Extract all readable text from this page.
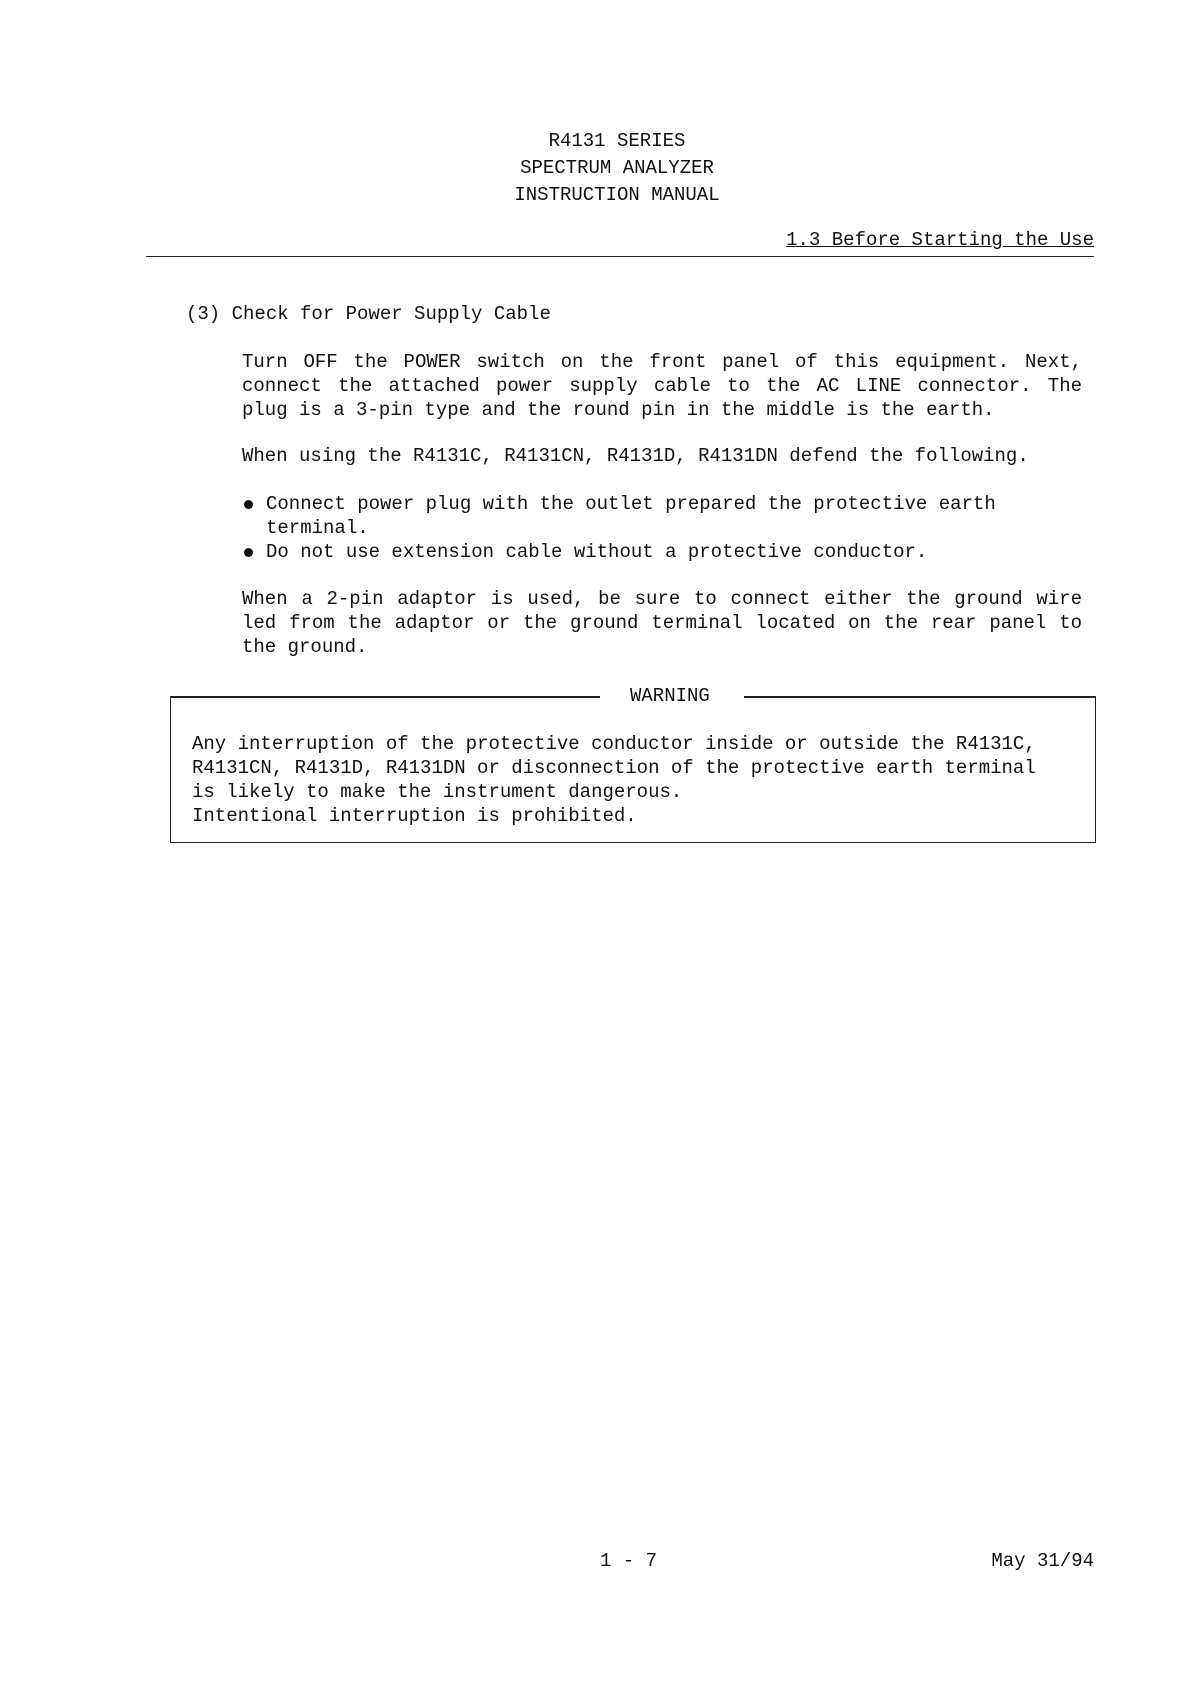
R4131 SERIES
SPECTRUM ANALYZER
INSTRUCTION MANUAL
1.3 Before Starting the Use
(3) Check for Power Supply Cable

Turn OFF the POWER switch on the front panel of this equipment. Next, connect the attached power supply cable to the AC LINE connector. The plug is a 3-pin type and the round pin in the middle is the earth.

When using the R4131C, R4131CN, R4131D, R4131DN defend the following.

Connect power plug with the outlet prepared the protective earth terminal.
Do not use extension cable without a protective conductor.

When a 2-pin adaptor is used, be sure to connect either the ground wire led from the adaptor or the ground terminal located on the rear panel to the ground.

WARNING

Any interruption of the protective conductor inside or outside the R4131C,
R4131CN, R4131D, R4131DN or disconnection of the protective earth terminal
is likely to make the instrument dangerous.
Intentional interruption is prohibited.

1 - 7	May 31/94
